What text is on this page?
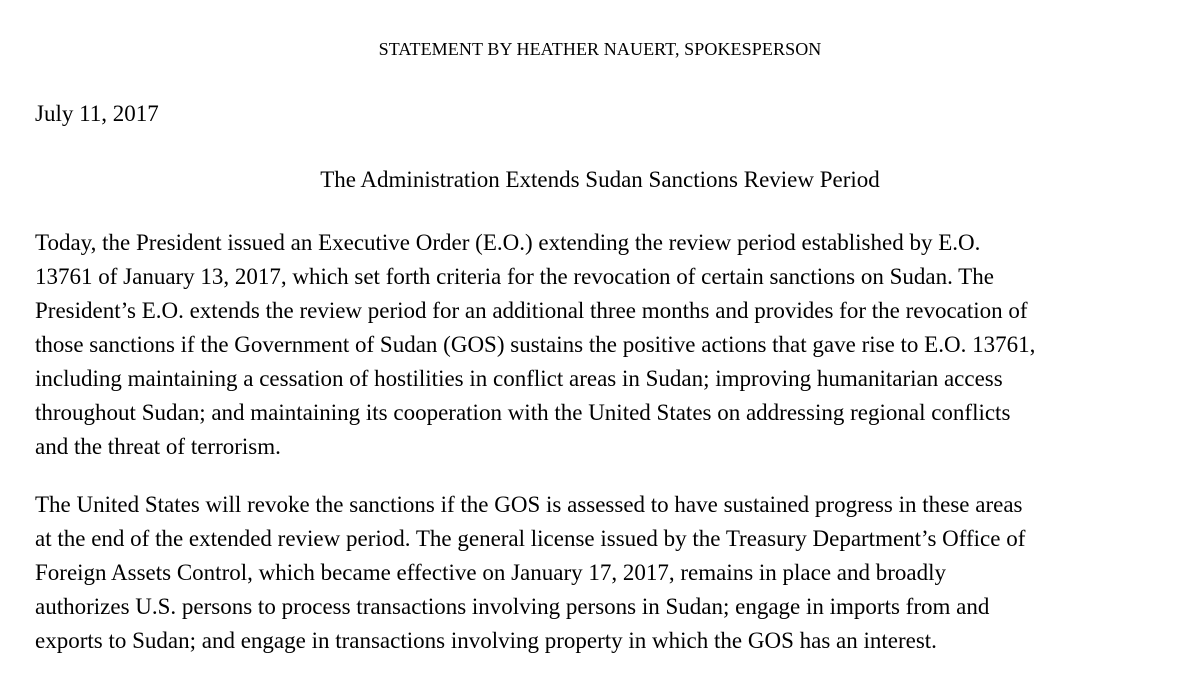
STATEMENT BY HEATHER NAUERT, SPOKESPERSON
July 11, 2017
The Administration Extends Sudan Sanctions Review Period
Today, the President issued an Executive Order (E.O.) extending the review period established by E.O.
13761 of January 13, 2017, which set forth criteria for the revocation of certain sanctions on Sudan. The
President’s E.O. extends the review period for an additional three months and provides for the revocation of
those sanctions if the Government of Sudan (GOS) sustains the positive actions that gave rise to E.O. 13761,
including maintaining a cessation of hostilities in conflict areas in Sudan; improving humanitarian access
throughout Sudan; and maintaining its cooperation with the United States on addressing regional conflicts
and the threat of terrorism.
The United States will revoke the sanctions if the GOS is assessed to have sustained progress in these areas
at the end of the extended review period. The general license issued by the Treasury Department’s Office of
Foreign Assets Control, which became effective on January 17, 2017, remains in place and broadly
authorizes U.S. persons to process transactions involving persons in Sudan; engage in imports from and
exports to Sudan; and engage in transactions involving property in which the GOS has an interest.
